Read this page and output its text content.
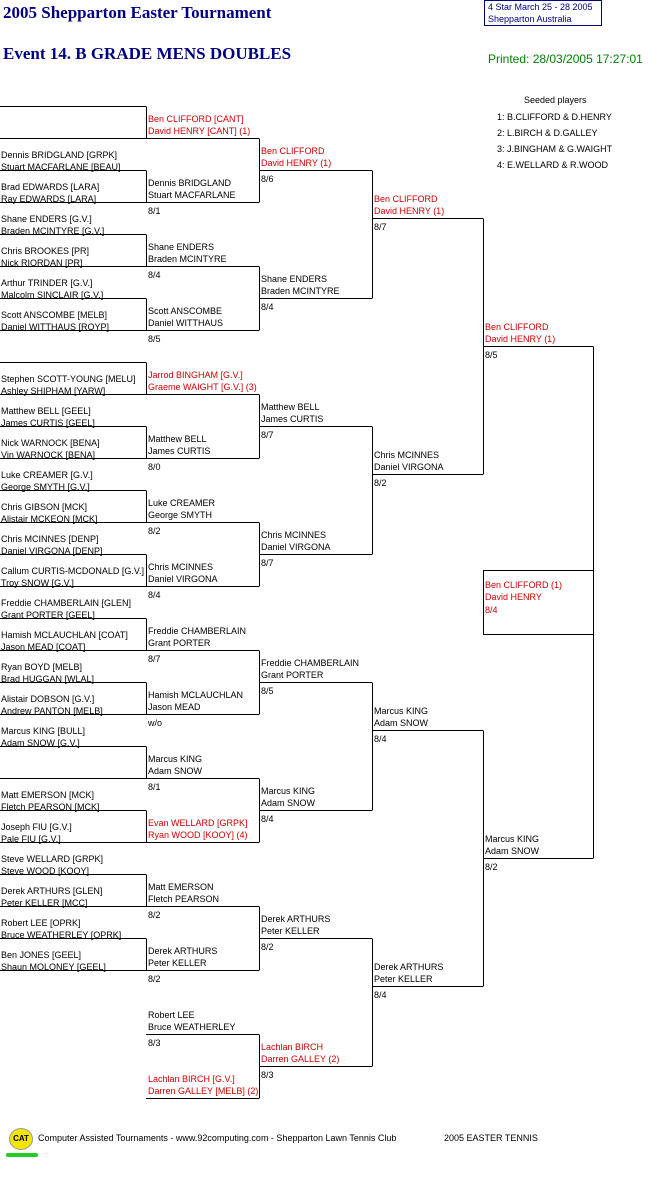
2005 Shepparton Easter Tournament
Event 14. B GRADE MENS DOUBLES
4 Star March 25 - 28 2005
Shepparton Australia
Printed: 28/03/2005 17:27:01
Seeded players
1: B.CLIFFORD & D.HENRY
2: L.BIRCH & D.GALLEY
3: J.BINGHAM & G.WAIGHT
4: E.WELLARD & R.WOOD
Dennis BRIDGLAND [GRPK]
Stuart MACFARLANE [BEAU]
Brad EDWARDS [LARA]
Ray EDWARDS [LARA]
Shane ENDERS [G.V.]
Braden MCINTYRE [G.V.]
Chris BROOKES [PR]
Nick RIORDAN [PR]
Arthur TRINDER [G.V.]
Malcolm SINCLAIR [G.V.]
Scott ANSCOMBE [MELB]
Daniel WITTHAUS [ROYP]
Stephen SCOTT-YOUNG [MELU]
Ashley SHIPHAM [YARW]
Matthew BELL [GEEL]
James CURTIS [GEEL]
Nick WARNOCK [BENA]
Vin WARNOCK [BENA]
Luke CREAMER [G.V.]
George SMYTH [G.V.]
Chris GIBSON [MCK]
Alistair MCKEON [MCK]
Chris MCINNES [DENP]
Daniel VIRGONA [DENP]
Callum CURTIS-MCDONALD [G.V.]
Troy SNOW [G.V.]
Freddie CHAMBERLAIN [GLEN]
Grant PORTER [GEEL]
Hamish MCLAUCHLAN [COAT]
Jason MEAD [COAT]
Ryan BOYD [MELB]
Brad HUGGAN [WLAL]
Alistair DOBSON [G.V.]
Andrew PANTON [MELB]
Marcus KING [BULL]
Adam SNOW [G.V.]
Matt EMERSON [MCK]
Fletch PEARSON [MCK]
Joseph FIU [G.V.]
Pale FIU [G.V.]
Steve WELLARD [GRPK]
Steve WOOD [KOOY]
Derek ARTHURS [GLEN]
Peter KELLER [MCC]
Robert LEE [OPRK]
Bruce WEATHERLEY [OPRK]
Ben JONES [GEEL]
Shaun MOLONEY [GEEL]
Ben CLIFFORD [CANT]
David HENRY [CANT] (1)
Dennis BRIDGLAND
Stuart MACFARLANE
8/1
Shane ENDERS
Braden MCINTYRE
8/4
Scott ANSCOMBE
Daniel WITTHAUS
8/5
Jarrod BINGHAM [G.V.]
Graeme WAIGHT [G.V.] (3)
Matthew BELL
James CURTIS
8/0
Luke CREAMER
George SMYTH
8/2
Chris MCINNES
Daniel VIRGONA
8/4
Freddie CHAMBERLAIN
Grant PORTER
8/7
Hamish MCLAUCHLAN
Jason MEAD
w/o
Marcus KING
Adam SNOW
8/1
Evan WELLARD [GRPK]
Ryan WOOD [KOOY] (4)
Matt EMERSON
Fletch PEARSON
8/2
Derek ARTHURS
Peter KELLER
8/2
Robert LEE
Bruce WEATHERLEY
8/3
Lachlan BIRCH [G.V.]
Darren GALLEY [MELB] (2)
Ben CLIFFORD
David HENRY (1)
8/6
Shane ENDERS
Braden MCINTYRE
8/4
Matthew BELL
James CURTIS
8/7
Chris MCINNES
Daniel VIRGONA
8/7
Freddie CHAMBERLAIN
Grant PORTER
8/5
Marcus KING
Adam SNOW
8/4
Derek ARTHURS
Peter KELLER
8/2
Lachlan BIRCH
Darren GALLEY (2)
8/3
Ben CLIFFORD
David HENRY (1)
8/7
Chris MCINNES
Daniel VIRGONA
8/2
Marcus KING
Adam SNOW
8/4
Derek ARTHURS
Peter KELLER
8/4
Ben CLIFFORD
David HENRY (1)
8/5
Marcus KING
Adam SNOW
8/2
Ben CLIFFORD (1)
David HENRY
8/4
CAT	Computer Assisted Tournaments - www.92computing.com - Shepparton Lawn Tennis Club	2005 EASTER TENNIS
